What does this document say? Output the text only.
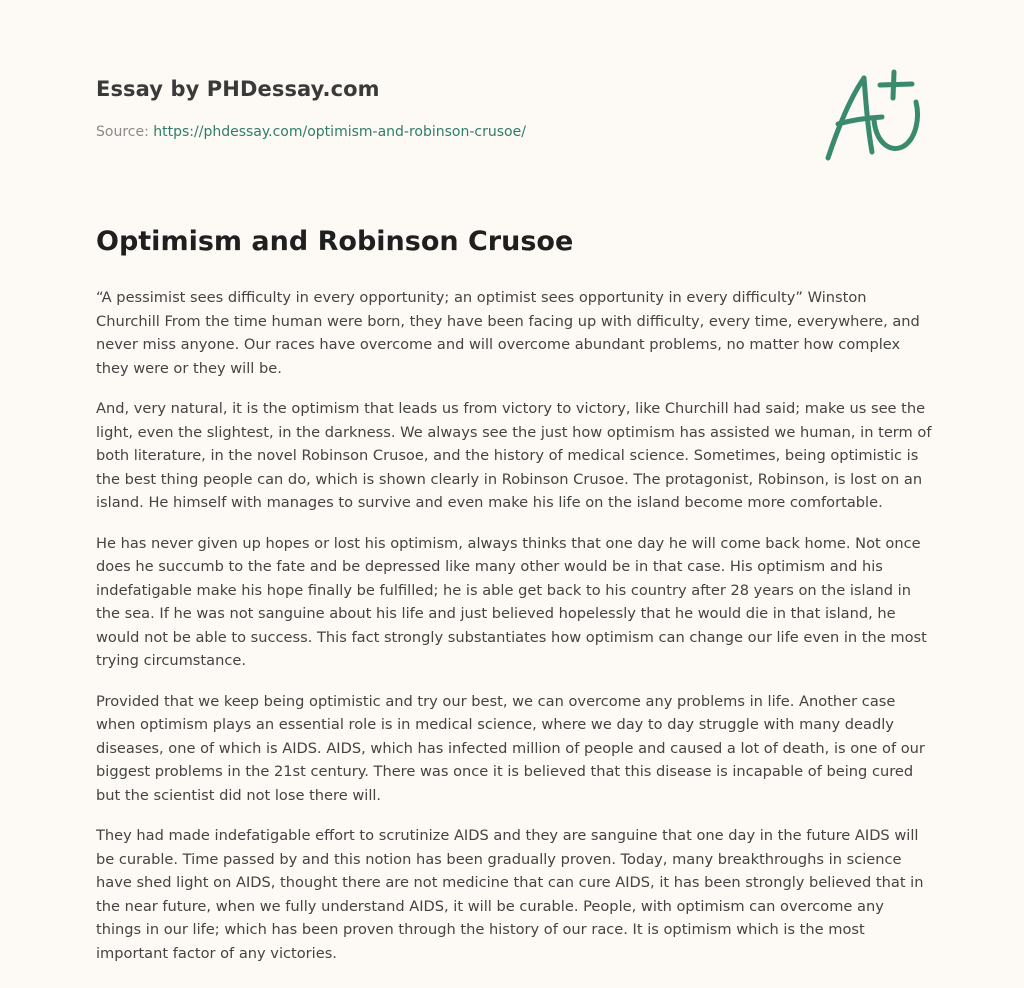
Essay by PHDessay.com
Source: https://phdessay.com/optimism-and-robinson-crusoe/
Optimism and Robinson Crusoe

“A pessimist sees difficulty in every opportunity; an optimist sees opportunity in every difficulty” Winston Churchill From the time human were born, they have been facing up with difficulty, every time, everywhere, and never miss anyone. Our races have overcome and will overcome abundant problems, no matter how complex they were or they will be.

And, very natural, it is the optimism that leads us from victory to victory, like Churchill had said; make us see the light, even the slightest, in the darkness. We always see the just how optimism has assisted we human, in term of both literature, in the novel Robinson Crusoe, and the history of medical science. Sometimes, being optimistic is the best thing people can do, which is shown clearly in Robinson Crusoe. The protagonist, Robinson, is lost on an island. He himself with manages to survive and even make his life on the island become more comfortable.

He has never given up hopes or lost his optimism, always thinks that one day he will come back home. Not once does he succumb to the fate and be depressed like many other would be in that case. His optimism and his indefatigable make his hope finally be fulfilled; he is able get back to his country after 28 years on the island in the sea. If he was not sanguine about his life and just believed hopelessly that he would die in that island, he would not be able to success. This fact strongly substantiates how optimism can change our life even in the most trying circumstance.

Provided that we keep being optimistic and try our best, we can overcome any problems in life. Another case when optimism plays an essential role is in medical science, where we day to day struggle with many deadly diseases, one of which is AIDS. AIDS, which has infected million of people and caused a lot of death, is one of our biggest problems in the 21st century. There was once it is believed that this disease is incapable of being cured but the scientist did not lose there will.

They had made indefatigable effort to scrutinize AIDS and they are sanguine that one day in the future AIDS will be curable. Time passed by and this notion has been gradually proven. Today, many breakthroughs in science have shed light on AIDS, thought there are not medicine that can cure AIDS, it has been strongly believed that in the near future, when we fully understand AIDS, it will be curable. People, with optimism can overcome any things in our life; which has been proven through the history of our race. It is optimism which is the most important factor of any victories.
